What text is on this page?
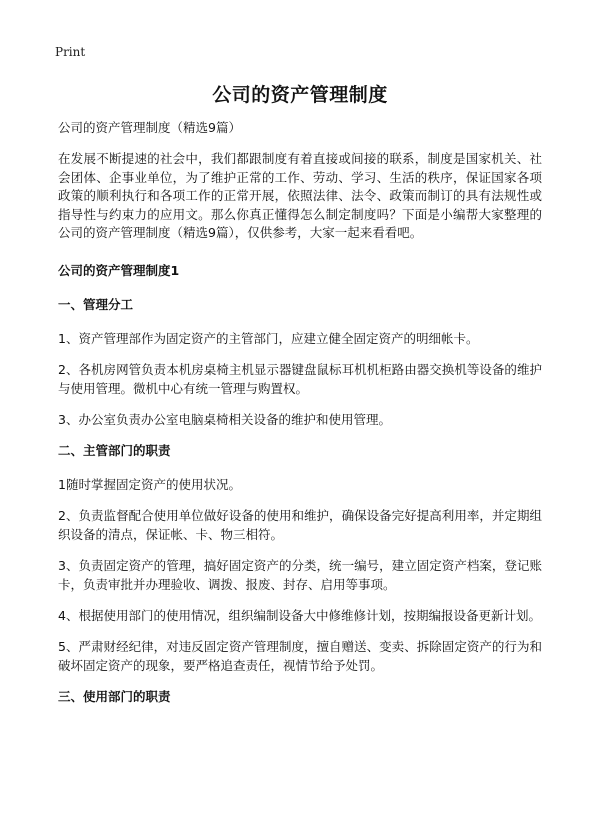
Print
公司的资产管理制度

公司的资产管理制度（精选9篇）

在发展不断提速的社会中，我们都跟制度有着直接或间接的联系，制度是国家机关、社会团体、企事业单位，为了维护正常的工作、劳动、学习、生活的秩序，保证国家各项政策的顺利执行和各项工作的正常开展，依照法律、法令、政策而制订的具有法规性或指导性与约束力的应用文。那么你真正懂得怎么制定制度吗？下面是小编帮大家整理的公司的资产管理制度（精选9篇），仅供参考，大家一起来看看吧。

公司的资产管理制度1
一、管理分工

1、资产管理部作为固定资产的主管部门，应建立健全固定资产的明细帐卡。

2、各机房网管负责本机房桌椅主机显示器键盘鼠标耳机机柜路由器交换机等设备的维护与使用管理。微机中心有统一管理与购置权。

3、办公室负责办公室电脑桌椅相关设备的维护和使用管理。

二、主管部门的职责

1随时掌握固定资产的使用状况。

2、负责监督配合使用单位做好设备的使用和维护，确保设备完好提高利用率，并定期组织设备的清点，保证帐、卡、物三相符。

3、负责固定资产的管理，搞好固定资产的分类，统一编号，建立固定资产档案，登记账卡，负责审批并办理验收、调拨、报废、封存、启用等事项。

4、根据使用部门的使用情况，组织编制设备大中修维修计划，按期编报设备更新计划。

5、严肃财经纪律，对违反固定资产管理制度，擅自赠送、变卖、拆除固定资产的行为和破坏固定资产的现象，要严格追查责任，视情节给予处罚。

三、使用部门的职责
